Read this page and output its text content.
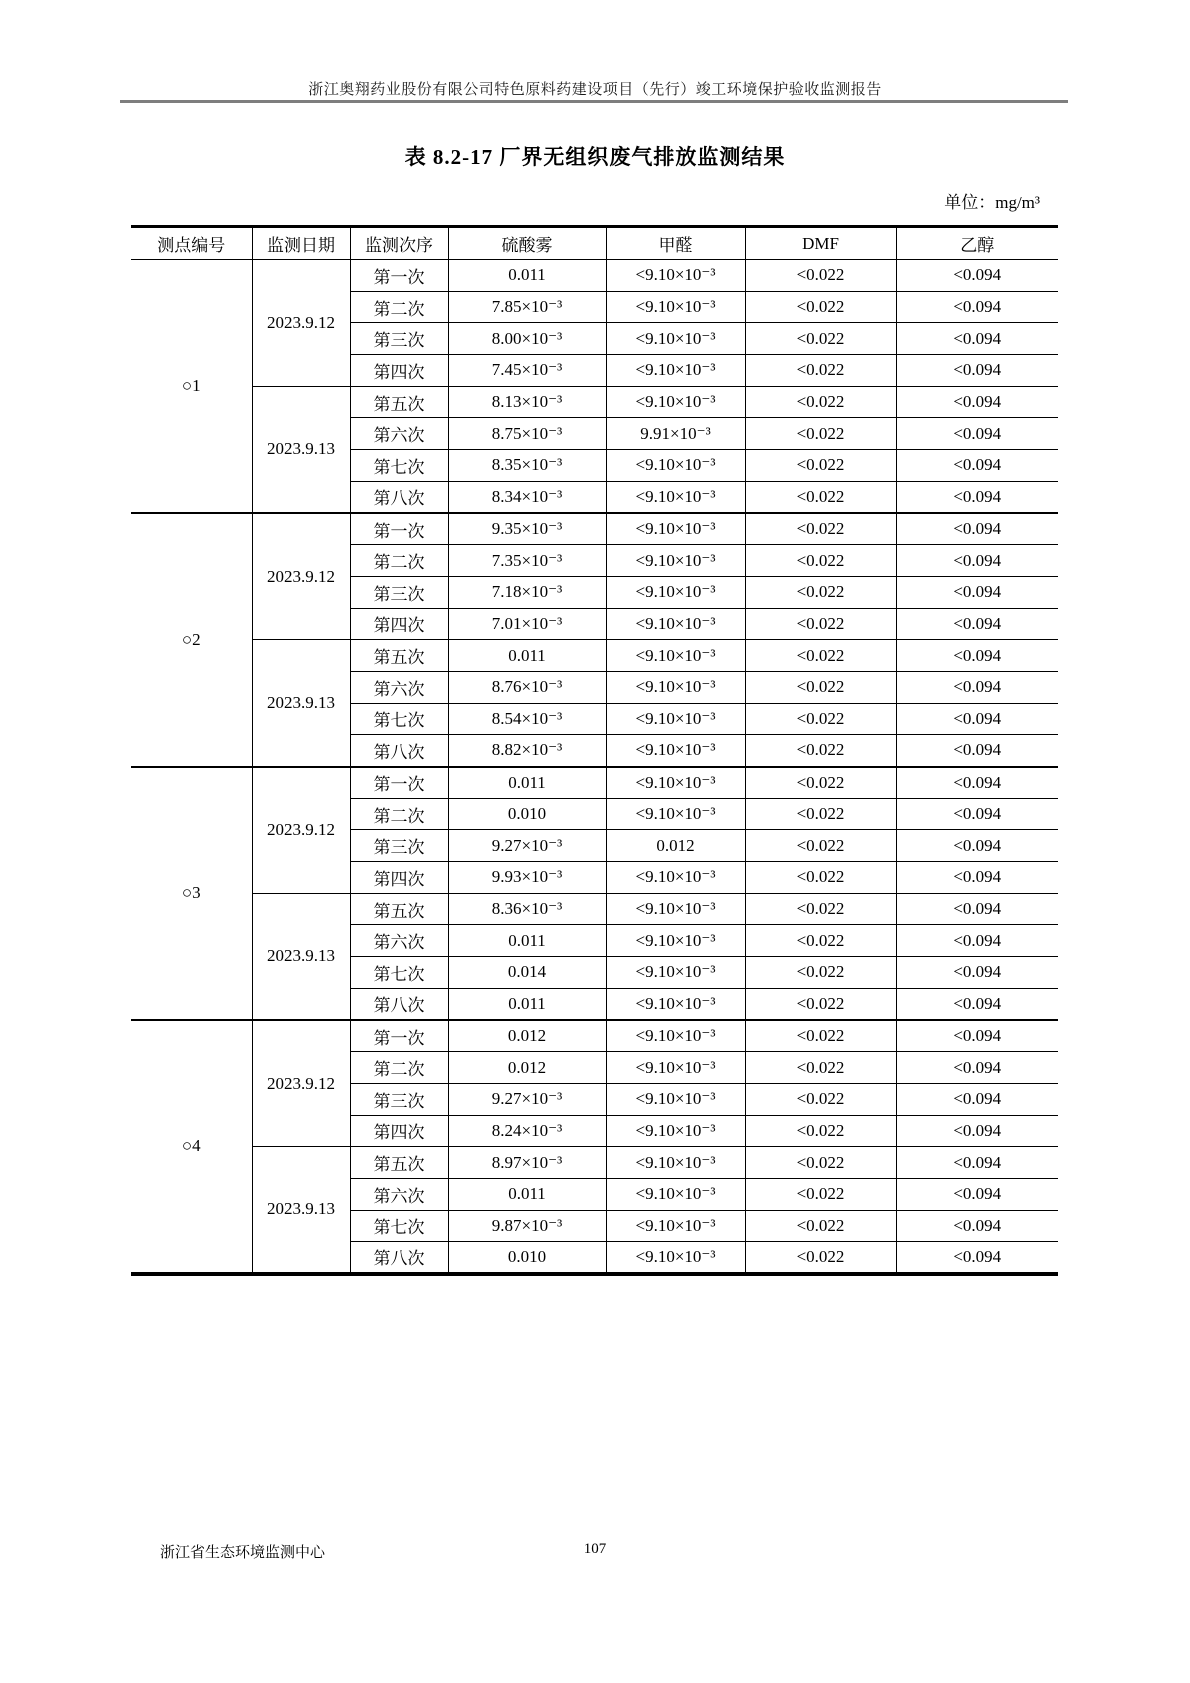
浙江奥翔药业股份有限公司特色原料药建设项目（先行）竣工环境保护验收监测报告
表 8.2-17 厂界无组织废气排放监测结果
单位：mg/m³
测点编号	监测日期	监测次序	硫酸雾	甲醛	DMF	乙醇
○1	2023.9.12	第一次	0.011	<9.10×10⁻³	<0.022	<0.094
		第二次	7.85×10⁻³	<9.10×10⁻³	<0.022	<0.094
		第三次	8.00×10⁻³	<9.10×10⁻³	<0.022	<0.094
		第四次	7.45×10⁻³	<9.10×10⁻³	<0.022	<0.094
	2023.9.13	第五次	8.13×10⁻³	<9.10×10⁻³	<0.022	<0.094
		第六次	8.75×10⁻³	9.91×10⁻³	<0.022	<0.094
		第七次	8.35×10⁻³	<9.10×10⁻³	<0.022	<0.094
		第八次	8.34×10⁻³	<9.10×10⁻³	<0.022	<0.094
○2	2023.9.12	第一次	9.35×10⁻³	<9.10×10⁻³	<0.022	<0.094
		第二次	7.35×10⁻³	<9.10×10⁻³	<0.022	<0.094
		第三次	7.18×10⁻³	<9.10×10⁻³	<0.022	<0.094
		第四次	7.01×10⁻³	<9.10×10⁻³	<0.022	<0.094
	2023.9.13	第五次	0.011	<9.10×10⁻³	<0.022	<0.094
		第六次	8.76×10⁻³	<9.10×10⁻³	<0.022	<0.094
		第七次	8.54×10⁻³	<9.10×10⁻³	<0.022	<0.094
		第八次	8.82×10⁻³	<9.10×10⁻³	<0.022	<0.094
○3	2023.9.12	第一次	0.011	<9.10×10⁻³	<0.022	<0.094
		第二次	0.010	<9.10×10⁻³	<0.022	<0.094
		第三次	9.27×10⁻³	0.012	<0.022	<0.094
		第四次	9.93×10⁻³	<9.10×10⁻³	<0.022	<0.094
	2023.9.13	第五次	8.36×10⁻³	<9.10×10⁻³	<0.022	<0.094
		第六次	0.011	<9.10×10⁻³	<0.022	<0.094
		第七次	0.014	<9.10×10⁻³	<0.022	<0.094
		第八次	0.011	<9.10×10⁻³	<0.022	<0.094
○4	2023.9.12	第一次	0.012	<9.10×10⁻³	<0.022	<0.094
		第二次	0.012	<9.10×10⁻³	<0.022	<0.094
		第三次	9.27×10⁻³	<9.10×10⁻³	<0.022	<0.094
		第四次	8.24×10⁻³	<9.10×10⁻³	<0.022	<0.094
	2023.9.13	第五次	8.97×10⁻³	<9.10×10⁻³	<0.022	<0.094
		第六次	0.011	<9.10×10⁻³	<0.022	<0.094
		第七次	9.87×10⁻³	<9.10×10⁻³	<0.022	<0.094
		第八次	0.010	<9.10×10⁻³	<0.022	<0.094
浙江省生态环境监测中心	107
